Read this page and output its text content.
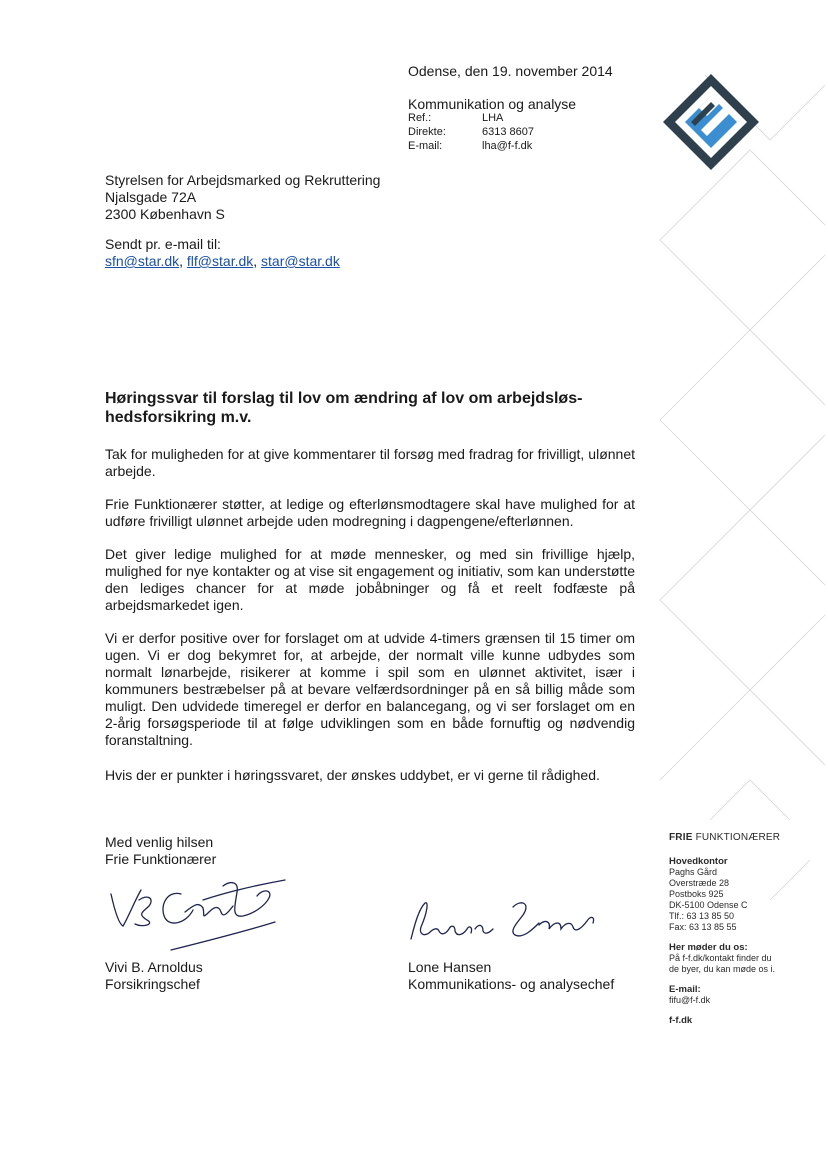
Odense, den 19. november 2014
Kommunikation og analyse
Ref.:	LHA
Direkte:	6313 8607
E-mail:	lha@f-f.dk
Styrelsen for Arbejdsmarked og Rekruttering
Njalsgade 72A
2300 København S
Sendt pr. e-mail til:
sfn@star.dk, flf@star.dk, star@star.dk
Høringssvar til forslag til lov om ændring af lov om arbejdsløs-hedsforsikring m.v.
Tak for muligheden for at give kommentarer til forsøg med fradrag for frivilligt, ulønnet arbejde.
Frie Funktionærer støtter, at ledige og efterlønsmodtagere skal have mulighed for at udføre frivilligt ulønnet arbejde uden modregning i dagpengene/efterlønnen.
Det giver ledige mulighed for at møde mennesker, og med sin frivillige hjælp, mulighed for nye kontakter og at vise sit engagement og initiativ, som kan understøtte den lediges chancer for at møde jobåbninger og få et reelt fodfæste på arbejdsmarkedet igen.
Vi er derfor positive over for forslaget om at udvide 4-timers grænsen til 15 timer om ugen. Vi er dog bekymret for, at arbejde, der normalt ville kunne udbydes som normalt lønarbejde, risikerer at komme i spil som en ulønnet aktivitet, især i kommuners bestræbelser på at bevare velfærdsordninger på en så billig måde som muligt. Den udvidede timeregel er derfor en balancegang, og vi ser forslaget om en 2-årig forsøgsperiode til at følge udviklingen som en både fornuftig og nødvendig foranstaltning.
Hvis der er punkter i høringssvaret, der ønskes uddybet, er vi gerne til rådighed.
Med venlig hilsen
Frie Funktionærer
Vivi B. Arnoldus
Forsikringschef
Lone Hansen
Kommunikations- og analysechef
FRIE FUNKTIONÆRER
Hovedkontor
Paghs Gård
Overstræde 28
Postboks 925
DK-5100 Odense C
Tlf.: 63 13 85 50
Fax: 63 13 85 55
Her møder du os:
På f-f.dk/kontakt finder du
de byer, du kan møde os i.
E-mail:
fifu@f-f.dk
f-f.dk
